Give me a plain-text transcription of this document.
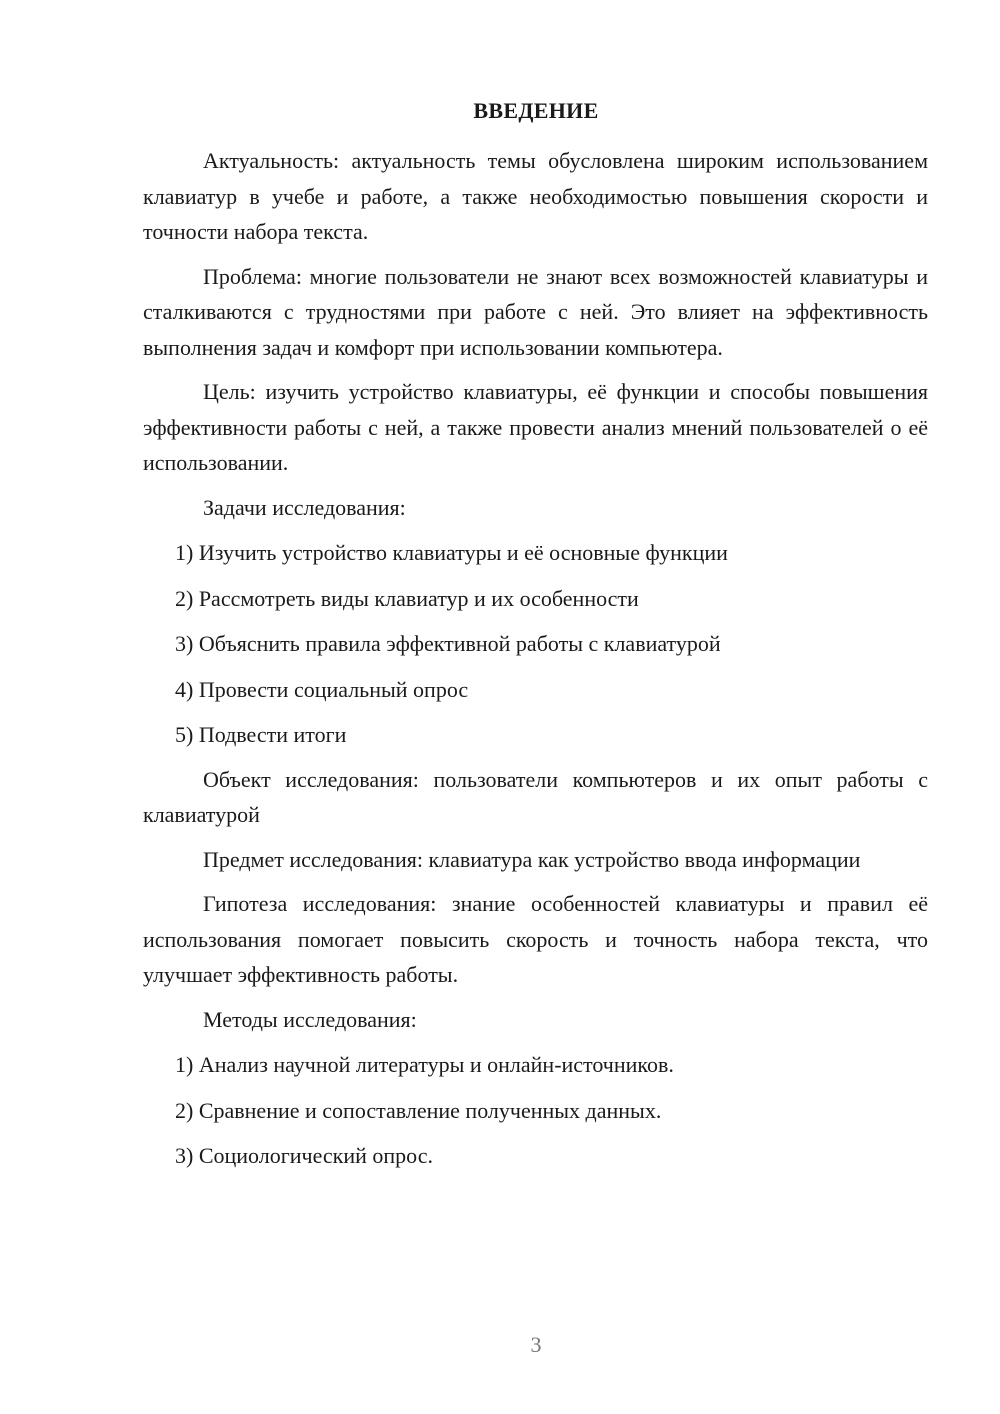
ВВЕДЕНИЕ

Актуальность: актуальность темы обусловлена широким использованием клавиатур в учебе и работе, а также необходимостью повышения скорости и точности набора текста.

Проблема: многие пользователи не знают всех возможностей клавиатуры и сталкиваются с трудностями при работе с ней. Это влияет на эффективность выполнения задач и комфорт при использовании компьютера.

Цель: изучить устройство клавиатуры, её функции и способы повышения эффективности работы с ней, а также провести анализ мнений пользователей о её использовании.

Задачи исследования:

1) Изучить устройство клавиатуры и её основные функции
2) Рассмотреть виды клавиатур и их особенности
3) Объяснить правила эффективной работы с клавиатурой
4) Провести социальный опрос
5) Подвести итоги

Объект исследования: пользователи компьютеров и их опыт работы с клавиатурой

Предмет исследования: клавиатура как устройство ввода информации

Гипотеза исследования: знание особенностей клавиатуры и правил её использования помогает повысить скорость и точность набора текста, что улучшает эффективность работы.

Методы исследования:

1) Анализ научной литературы и онлайн-источников.
2) Сравнение и сопоставление полученных данных.
3) Социологический опрос.
3
